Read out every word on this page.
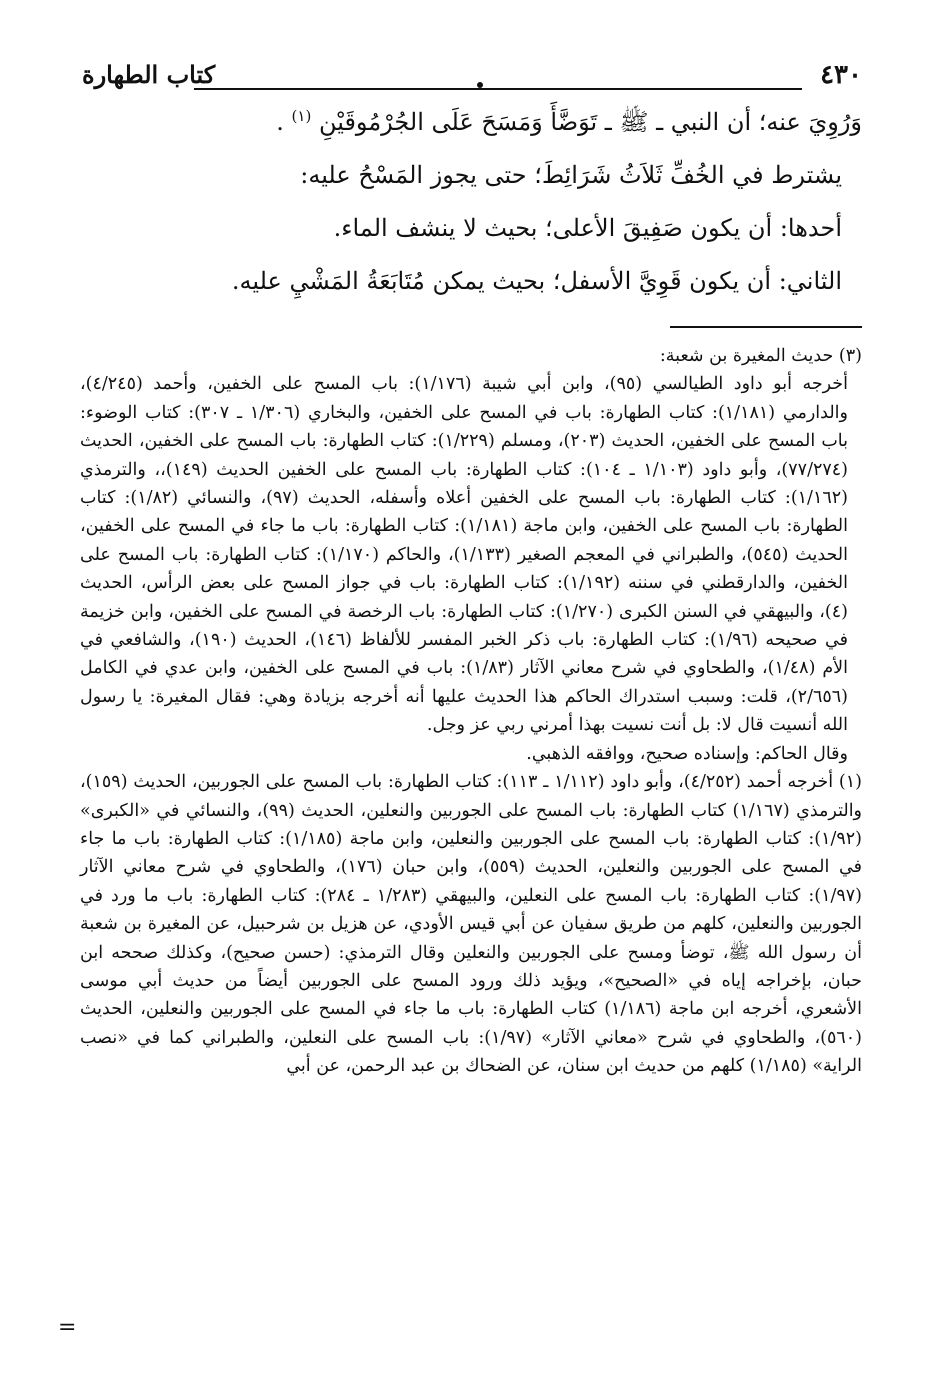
٤٣٠
كتاب الطهارة

وَرُوِيَ عنه؛ أن النبي ـ ﷺ ـ تَوَضَّأَ وَمَسَحَ عَلَى الجُرْمُوقَيْنِ $^{(١)}$ .

يشترط في الخُفِّ ثَلاَثُ شَرَائِطَ؛ حتى يجوز المَسْحُ عليه:

أحدها: أن يكون صَفِيقَ الأعلى؛ بحيث لا ينشف الماء.

الثاني: أن يكون قَوِيَّ الأسفل؛ بحيث يمكن مُتَابَعَةُ المَشْيِ عليه.

(٣) حديث المغيرة بن شعبة:

أخرجه أبو داود الطيالسي (٩٥)، وابن أبي شيبة (١/١٧٦): باب المسح على الخفين، وأحمد (٤/٢٤٥)، والدارمي (١/١٨١): كتاب الطهارة: باب في المسح على الخفين، والبخاري (١/٣٠٦ ـ ٣٠٧): كتاب الوضوء: باب المسح على الخفين، الحديث (٢٠٣)، ومسلم (١/٢٢٩): كتاب الطهارة: باب المسح على الخفين، الحديث (٧٧/٢٧٤)، وأبو داود (١/١٠٣ ـ ١٠٤): كتاب الطهارة: باب المسح على الخفين الحديث (١٤٩)،، والترمذي (١/١٦٢): كتاب الطهارة: باب المسح على الخفين أعلاه وأسفله، الحديث (٩٧)، والنسائي (١/٨٢): كتاب الطهارة: باب المسح على الخفين، وابن ماجة (١/١٨١): كتاب الطهارة: باب ما جاء في المسح على الخفين، الحديث (٥٤٥)، والطبراني في المعجم الصغير (١/١٣٣)، والحاكم (١/١٧٠): كتاب الطهارة: باب المسح على الخفين، والدارقطني في سننه (١/١٩٢): كتاب الطهارة: باب في جواز المسح على بعض الرأس، الحديث (٤)، والبيهقي في السنن الكبرى (١/٢٧٠): كتاب الطهارة: باب الرخصة في المسح على الخفين، وابن خزيمة في صحيحه (١/٩٦): كتاب الطهارة: باب ذكر الخبر المفسر للألفاظ (١٤٦)، الحديث (١٩٠)، والشافعي في الأم (١/٤٨)، والطحاوي في شرح معاني الآثار (١/٨٣): باب في المسح على الخفين، وابن عدي في الكامل (٢/٦٥٦)، قلت: وسبب استدراك الحاكم هذا الحديث عليها أنه أخرجه بزيادة وهي: فقال المغيرة: يا رسول الله أنسيت قال لا: بل أنت نسيت بهذا أمرني ربي عز وجل.

وقال الحاكم: وإسناده صحيح، ووافقه الذهبي.

(١) أخرجه أحمد (٤/٢٥٢)، وأبو داود (١/١١٢ ـ ١١٣): كتاب الطهارة: باب المسح على الجوربين، الحديث (١٥٩)، والترمذي (١/١٦٧) كتاب الطهارة: باب المسح على الجوربين والنعلين، الحديث (٩٩)، والنسائي في «الكبرى» (١/٩٢): كتاب الطهارة: باب المسح على الجوربين والنعلين، وابن ماجة (١/١٨٥): كتاب الطهارة: باب ما جاء في المسح على الجوربين والنعلين، الحديث (٥٥٩)، وابن حبان (١٧٦)، والطحاوي في شرح معاني الآثار (١/٩٧): كتاب الطهارة: باب المسح على النعلين، والبيهقي (١/٢٨٣ ـ ٢٨٤): كتاب الطهارة: باب ما ورد في الجوربين والنعلين، كلهم من طريق سفيان عن أبي قيس الأودي، عن هزيل بن شرحبيل، عن المغيرة بن شعبة أن رسول الله ﷺ، توضأ ومسح على الجوربين والنعلين وقال الترمذي: (حسن صحيح)، وكذلك صححه ابن حبان، بإخراجه إياه في «الصحيح»، ويؤيد ذلك ورود المسح على الجوربين أيضاً من حديث أبي موسى الأشعري، أخرجه ابن ماجة (١/١٨٦) كتاب الطهارة: باب ما جاء في المسح على الجوربين والنعلين، الحديث (٥٦٠)، والطحاوي في شرح «معاني الآثار» (١/٩٧): باب المسح على النعلين، والطبراني كما في «نصب الراية» (١/١٨٥) كلهم من حديث ابن سنان، عن الضحاك بن عبد الرحمن، عن أبي

=
